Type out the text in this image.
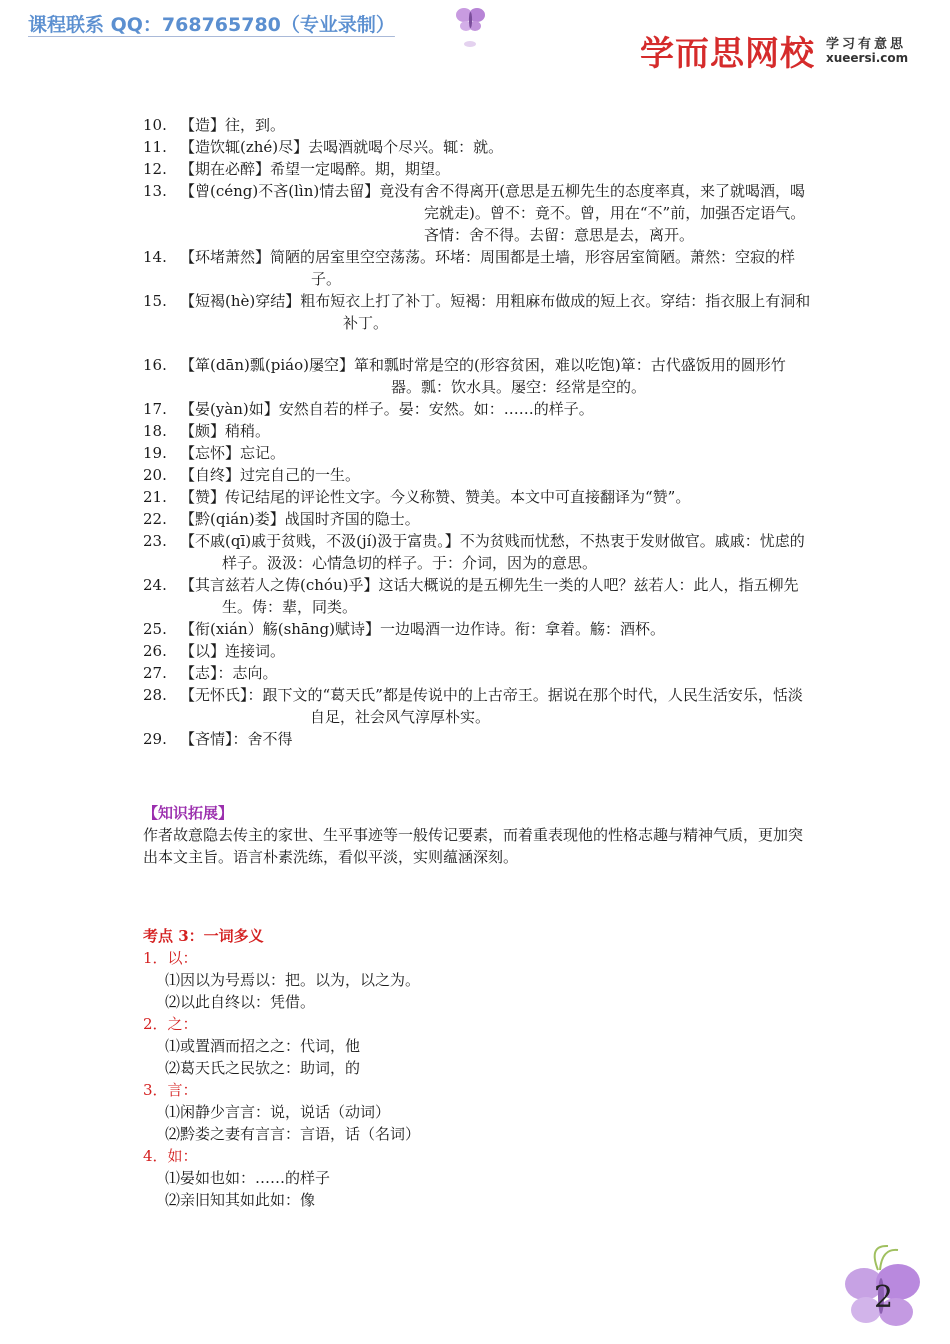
课程联系 QQ：768765780（专业录制）
学而思网校 学习有意思
xueersi.com
10. 【造】往，到。
11. 【造饮辄(zhé)尽】去喝酒就喝个尽兴。辄：就。
12. 【期在必醉】希望一定喝醉。期，期望。
13. 【曾(céng)不吝(lìn)情去留】竟没有舍不得离开(意思是五柳先生的态度率真，来了就喝酒，喝完就走)。曾不：竟不。曾，用在“不”前，加强否定语气。吝情：舍不得。去留：意思是去，离开。
14. 【环堵萧然】简陋的居室里空空荡荡。环堵：周围都是土墙，形容居室简陋。萧然：空寂的样子。
15. 【短褐(hè)穿结】粗布短衣上打了补丁。短褐：用粗麻布做成的短上衣。穿结：指衣服上有洞和补丁。
16. 【箪(dān)瓢(piáo)屡空】箪和瓢时常是空的(形容贫困，难以吃饱)箪：古代盛饭用的圆形竹器。瓢：饮水具。屡空：经常是空的。
17. 【晏(yàn)如】安然自若的样子。晏：安然。如：……的样子。
18. 【颇】稍稍。
19. 【忘怀】忘记。
20. 【自终】过完自己的一生。
21. 【赞】传记结尾的评论性文字。今义称赞、赞美。本文中可直接翻译为“赞”。
22. 【黔(qián)娄】战国时齐国的隐士。
23. 【不戚(qī)戚于贫贱，不汲(jí)汲于富贵。】不为贫贱而忧愁，不热衷于发财做官。戚戚：忧虑的样子。汲汲：心情急切的样子。于：介词，因为的意思。
24. 【其言兹若人之俦(chóu)乎】这话大概说的是五柳先生一类的人吧？兹若人：此人，指五柳先生。俦：辈，同类。
25. 【衔(xián）觞(shāng)赋诗】一边喝酒一边作诗。衔：拿着。觞：酒杯。
26. 【以】连接词。
27. 【志】：志向。
28. 【无怀氏】：跟下文的“葛天氏”都是传说中的上古帝王。据说在那个时代，人民生活安乐，恬淡自足，社会风气淳厚朴实。
29. 【吝情】：舍不得
【知识拓展】
作者故意隐去传主的家世、生平事迹等一般传记要素，而着重表现他的性格志趣与精神气质，更加突出本文主旨。语言朴素洗练，看似平淡，实则蕴涵深刻。
考点 3：一词多义
1．以：
⑴因以为号焉以：把。以为，以之为。
⑵以此自终以：凭借。
2．之：
⑴或置酒而招之之：代词，他
⑵葛天氏之民欤之：助词，的
3．言：
⑴闲静少言言：说，说话（动词）
⑵黔娄之妻有言言：言语，话（名词）
4．如：
⑴晏如也如：……的样子
⑵亲旧知其如此如：像
2
